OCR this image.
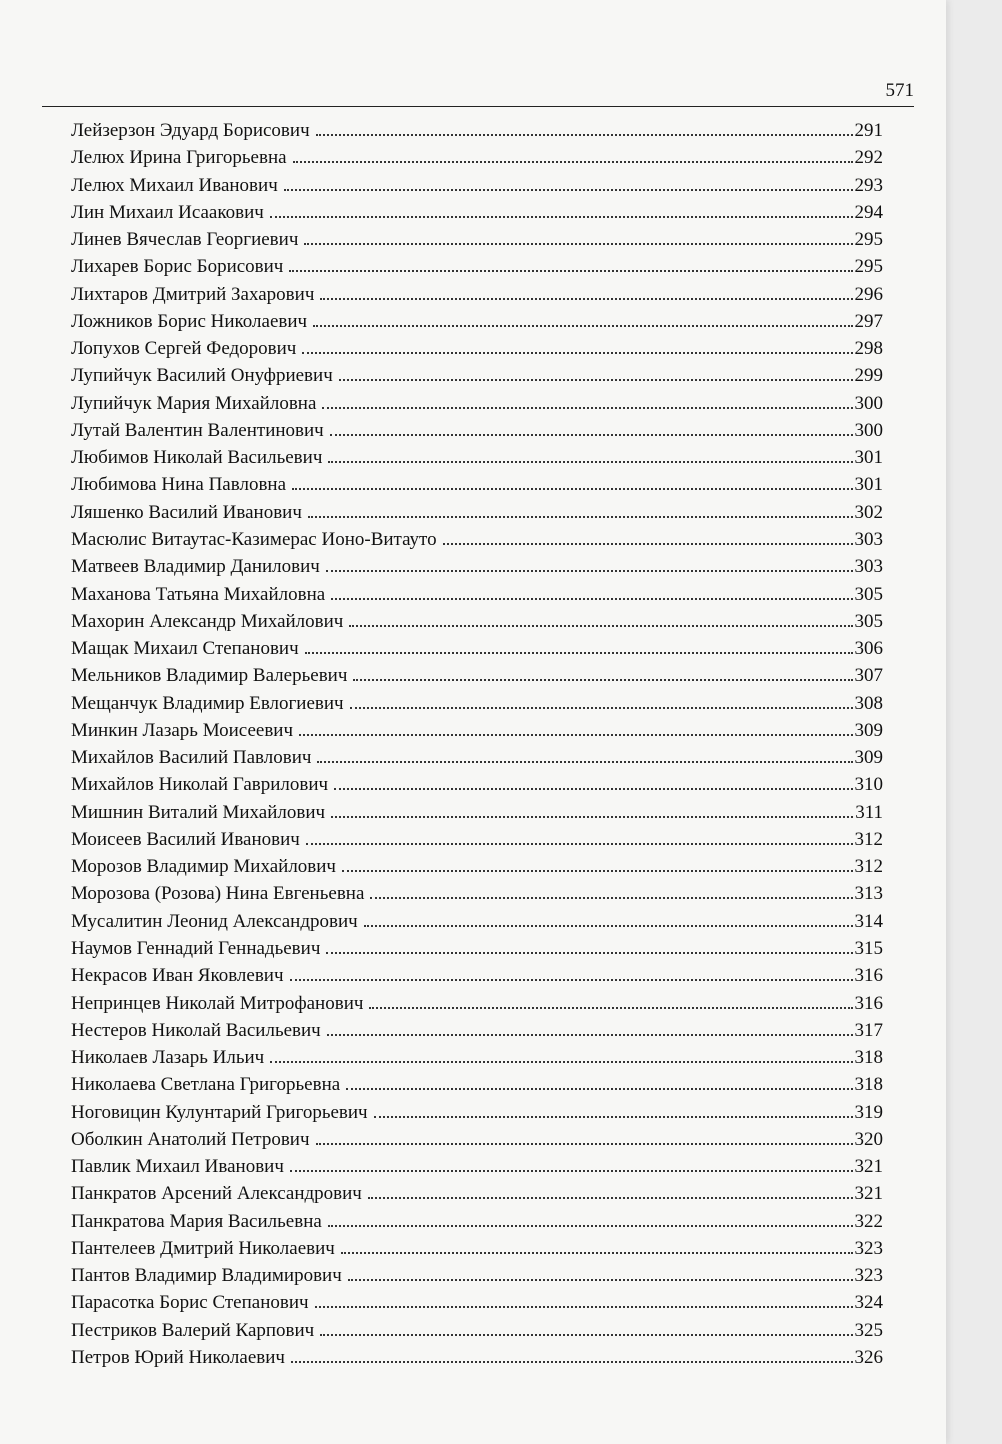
571
Лейзерзон Эдуард Борисович	291
Лелюх Ирина Григорьевна	292
Лелюх Михаил Иванович	293
Лин Михаил Исаакович	294
Линев Вячеслав Георгиевич	295
Лихарев Борис Борисович	295
Лихтаров Дмитрий Захарович	296
Ложников Борис Николаевич	297
Лопухов Сергей Федорович	298
Лупийчук Василий Онуфриевич	299
Лупийчук Мария Михайловна	300
Лутай Валентин Валентинович	300
Любимов Николай Васильевич	301
Любимова Нина Павловна	301
Ляшенко Василий Иванович	302
Масюлис Витаутас-Казимерас Ионо-Витауто	303
Матвеев Владимир Данилович	303
Маханова Татьяна Михайловна	305
Махорин Александр Михайлович	305
Мащак Михаил Степанович	306
Мельников Владимир Валерьевич	307
Мещанчук Владимир Евлогиевич	308
Минкин Лазарь Моисеевич	309
Михайлов Василий Павлович	309
Михайлов Николай Гаврилович	310
Мишнин Виталий Михайлович	311
Моисеев Василий Иванович	312
Морозов Владимир Михайлович	312
Морозова (Розова) Нина Евгеньевна	313
Мусалитин Леонид Александрович	314
Наумов Геннадий Геннадьевич	315
Некрасов Иван Яковлевич	316
Непринцев Николай Митрофанович	316
Нестеров Николай Васильевич	317
Николаев Лазарь Ильич	318
Николаева Светлана Григорьевна	318
Ноговицин Кулунтарий Григорьевич	319
Оболкин Анатолий Петрович	320
Павлик Михаил Иванович	321
Панкратов Арсений Александрович	321
Панкратова Мария Васильевна	322
Пантелеев Дмитрий Николаевич	323
Пантов Владимир Владимирович	323
Парасотка Борис Степанович	324
Пестриков Валерий Карпович	325
Петров Юрий Николаевич	326
